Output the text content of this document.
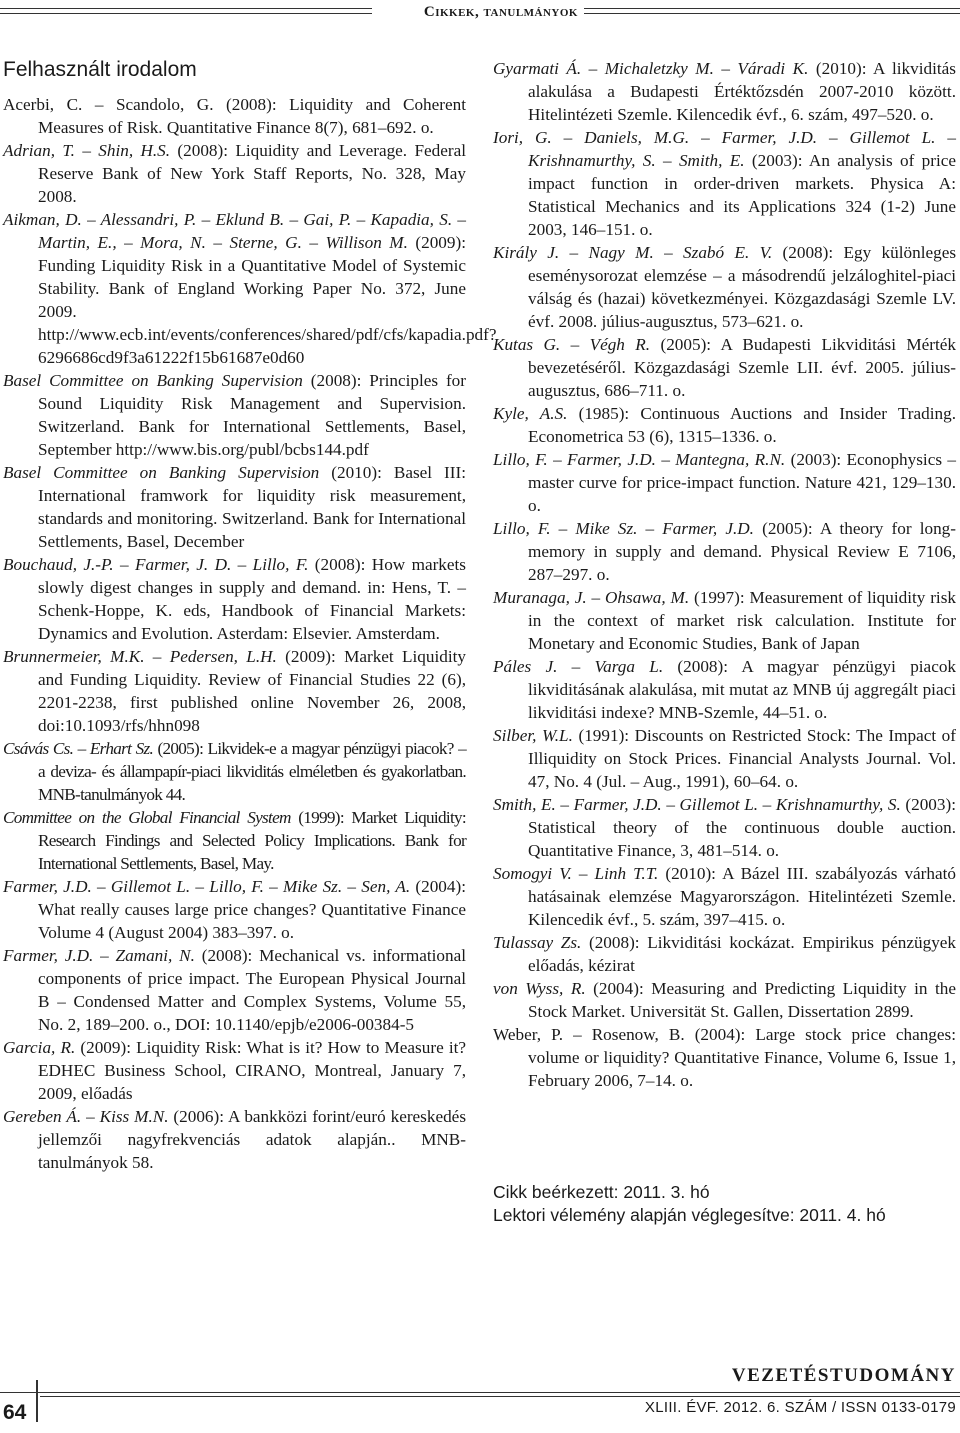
Cikkek, tanulmányok
Felhasznált irodalom

Acerbi, C. – Scandolo, G. (2008): Liquidity and Coherent Measures of Risk. Quantitative Finance 8(7), 681–692. o.

Adrian, T. – Shin, H.S. (2008): Liquidity and Leverage. Federal Reserve Bank of New York Staff Reports, No. 328, May 2008.

Aikman, D. – Alessandri, P. – Eklund B. – Gai, P. – Kapadia, S. – Martin, E., – Mora, N. – Sterne, G. – Willison M. (2009): Funding Liquidity Risk in a Quantitative Model of Systemic Stability. Bank of England Working Paper No. 372, June 2009. http://www.ecb.int/events/conferences/shared/pdf/cfs/kapadia.pdf?6296686cd9f3a61222f15b61687e0d60

Basel Committee on Banking Supervision (2008): Principles for Sound Liquidity Risk Management and Supervision. Switzerland. Bank for International Settlements, Basel, September http://www.bis.org/publ/bcbs144.pdf

Basel Committee on Banking Supervision (2010): Basel III: International framwork for liquidity risk measurement, standards and monitoring. Switzerland. Bank for International Settlements, Basel, December

Bouchaud, J.-P. – Farmer, J. D. – Lillo, F. (2008): How markets slowly digest changes in supply and demand. in: Hens, T. – Schenk-Hoppe, K. eds, Handbook of Financial Markets: Dynamics and Evolution. Asterdam: Elsevier. Amsterdam.

Brunnermeier, M.K. – Pedersen, L.H. (2009): Market Liquidity and Funding Liquidity. Review of Financial Studies 22 (6), 2201-2238, first published online November 26, 2008, doi:10.1093/rfs/hhn098

Csávás Cs. – Erhart Sz. (2005): Likvidek-e a magyar pénzügyi piacok? – a deviza- és állampapír-piaci likviditás elméletben és gyakorlatban. MNB-tanulmányok 44.

Committee on the Global Financial System (1999): Market Liquidity: Research Findings and Selected Policy Implications. Bank for International Settlements, Basel, May.

Farmer, J.D. – Gillemot L. – Lillo, F. – Mike Sz. – Sen, A. (2004): What really causes large price changes? Quantitative Finance Volume 4 (August 2004) 383–397. o.

Farmer, J.D. – Zamani, N. (2008): Mechanical vs. informational components of price impact. The European Physical Journal B – Condensed Matter and Complex Systems, Volume 55, No. 2, 189–200. o., DOI: 10.1140/epjb/e2006-00384-5

Garcia, R. (2009): Liquidity Risk: What is it? How to Measure it? EDHEC Business School, CIRANO, Montreal, January 7, 2009, előadás

Gereben Á. – Kiss M.N. (2006): A bankközi forint/euró kereskedés jellemzői nagyfrekvenciás adatok alapján.. MNB-tanulmányok 58.

Gyarmati Á. – Michaletzky M. – Váradi K. (2010): A likviditás alakulása a Budapesti Értéktőzsdén 2007-2010 között. Hitelintézeti Szemle. Kilencedik évf., 6. szám, 497–520. o.

Iori, G. – Daniels, M.G. – Farmer, J.D. – Gillemot L. – Krishnamurthy, S. – Smith, E. (2003): An analysis of price impact function in order-driven markets. Physica A: Statistical Mechanics and its Applications 324 (1-2) June 2003, 146–151. o.

Király J. – Nagy M. – Szabó E. V. (2008): Egy különleges eseménysorozat elemzése – a másodrendű jelzáloghitel-piaci válság és (hazai) következményei. Közgazdasági Szemle LV. évf. 2008. július-augusztus, 573–621. o.

Kutas G. – Végh R. (2005): A Budapesti Likviditási Mérték bevezetéséről. Közgazdasági Szemle LII. évf. 2005. július-augusztus, 686–711. o.

Kyle, A.S. (1985): Continuous Auctions and Insider Trading. Econometrica 53 (6), 1315–1336. o.

Lillo, F. – Farmer, J.D. – Mantegna, R.N. (2003): Econophysics – master curve for price-impact function. Nature 421, 129–130. o.

Lillo, F. – Mike Sz. – Farmer, J.D. (2005): A theory for long-memory in supply and demand. Physical Review E 7106, 287–297. o.

Muranaga, J. – Ohsawa, M. (1997): Measurement of liquidity risk in the context of market risk calculation. Institute for Monetary and Economic Studies, Bank of Japan

Páles J. – Varga L. (2008): A magyar pénzügyi piacok likviditásának alakulása, mit mutat az MNB új aggregált piaci likviditási indexe? MNB-Szemle, 44–51. o.

Silber, W.L. (1991): Discounts on Restricted Stock: The Impact of Illiquidity on Stock Prices. Financial Analysts Journal. Vol. 47, No. 4 (Jul. – Aug., 1991), 60–64. o.

Smith, E. – Farmer, J.D. – Gillemot L. – Krishnamurthy, S. (2003): Statistical theory of the continuous double auction. Quantitative Finance, 3, 481–514. o.

Somogyi V. – Linh T.T. (2010): A Bázel III. szabályozás várható hatásainak elemzése Magyarországon. Hitelintézeti Szemle. Kilencedik évf., 5. szám, 397–415. o.

Tulassay Zs. (2008): Likviditási kockázat. Empirikus pénzügyek előadás, kézirat

von Wyss, R. (2004): Measuring and Predicting Liquidity in the Stock Market. Universität St. Gallen, Dissertation 2899.

Weber, P. – Rosenow, B. (2004): Large stock price changes: volume or liquidity? Quantitative Finance, Volume 6, Issue 1, February 2006, 7–14. o.

Cikk beérkezett: 2011. 3. hó
Lektori vélemény alapján véglegesítve: 2011. 4. hó
VEZETÉSTUDOMÁNY
64	XLIII. ÉVF. 2012. 6. SZÁM / ISSN 0133-0179
